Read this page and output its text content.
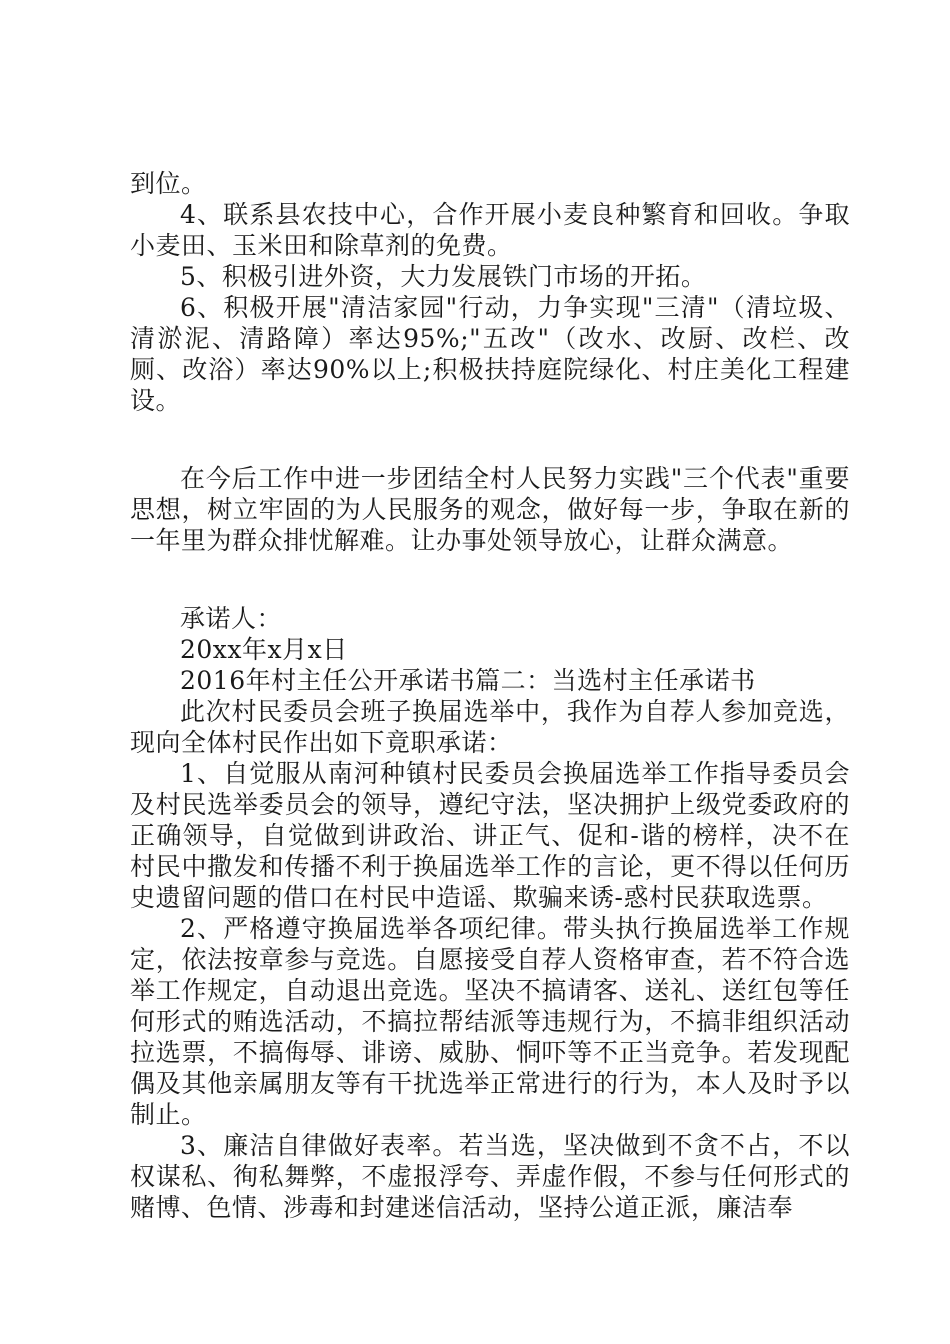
到位。

4、联系县农技中心，合作开展小麦良种繁育和回收。争取小麦田、玉米田和除草剂的免费。

5、积极引进外资，大力发展铁门市场的开拓。

6、积极开展"清洁家园"行动，力争实现"三清"（清垃圾、清淤泥、清路障）率达95%;"五改"（改水、改厨、改栏、改厕、改浴）率达90%以上;积极扶持庭院绿化、村庄美化工程建设。

在今后工作中进一步团结全村人民努力实践"三个代表"重要思想，树立牢固的为人民服务的观念，做好每一步，争取在新的一年里为群众排忧解难。让办事处领导放心，让群众满意。

承诺人：

20xx年x月x日

2016年村主任公开承诺书篇二：当选村主任承诺书

此次村民委员会班子换届选举中，我作为自荐人参加竞选，现向全体村民作出如下竟职承诺：

1、自觉服从南河种镇村民委员会换届选举工作指导委员会及村民选举委员会的领导，遵纪守法，坚决拥护上级党委政府的正确领导，自觉做到讲政治、讲正气、促和-谐的榜样，决不在村民中撒发和传播不利于换届选举工作的言论，更不得以任何历史遗留问题的借口在村民中造谣、欺骗来诱-惑村民获取选票。

2、严格遵守换届选举各项纪律。带头执行换届选举工作规定，依法按章参与竞选。自愿接受自荐人资格审查，若不符合选举工作规定，自动退出竞选。坚决不搞请客、送礼、送红包等任何形式的贿选活动，不搞拉帮结派等违规行为，不搞非组织活动拉选票，不搞侮辱、诽谤、威胁、恫吓等不正当竞争。若发现配偶及其他亲属朋友等有干扰选举正常进行的行为，本人及时予以制止。

3、廉洁自律做好表率。若当选，坚决做到不贪不占，不以权谋私、徇私舞弊，不虚报浮夸、弄虚作假，不参与任何形式的赌博、色情、涉毒和封建迷信活动，坚持公道正派，廉洁奉
